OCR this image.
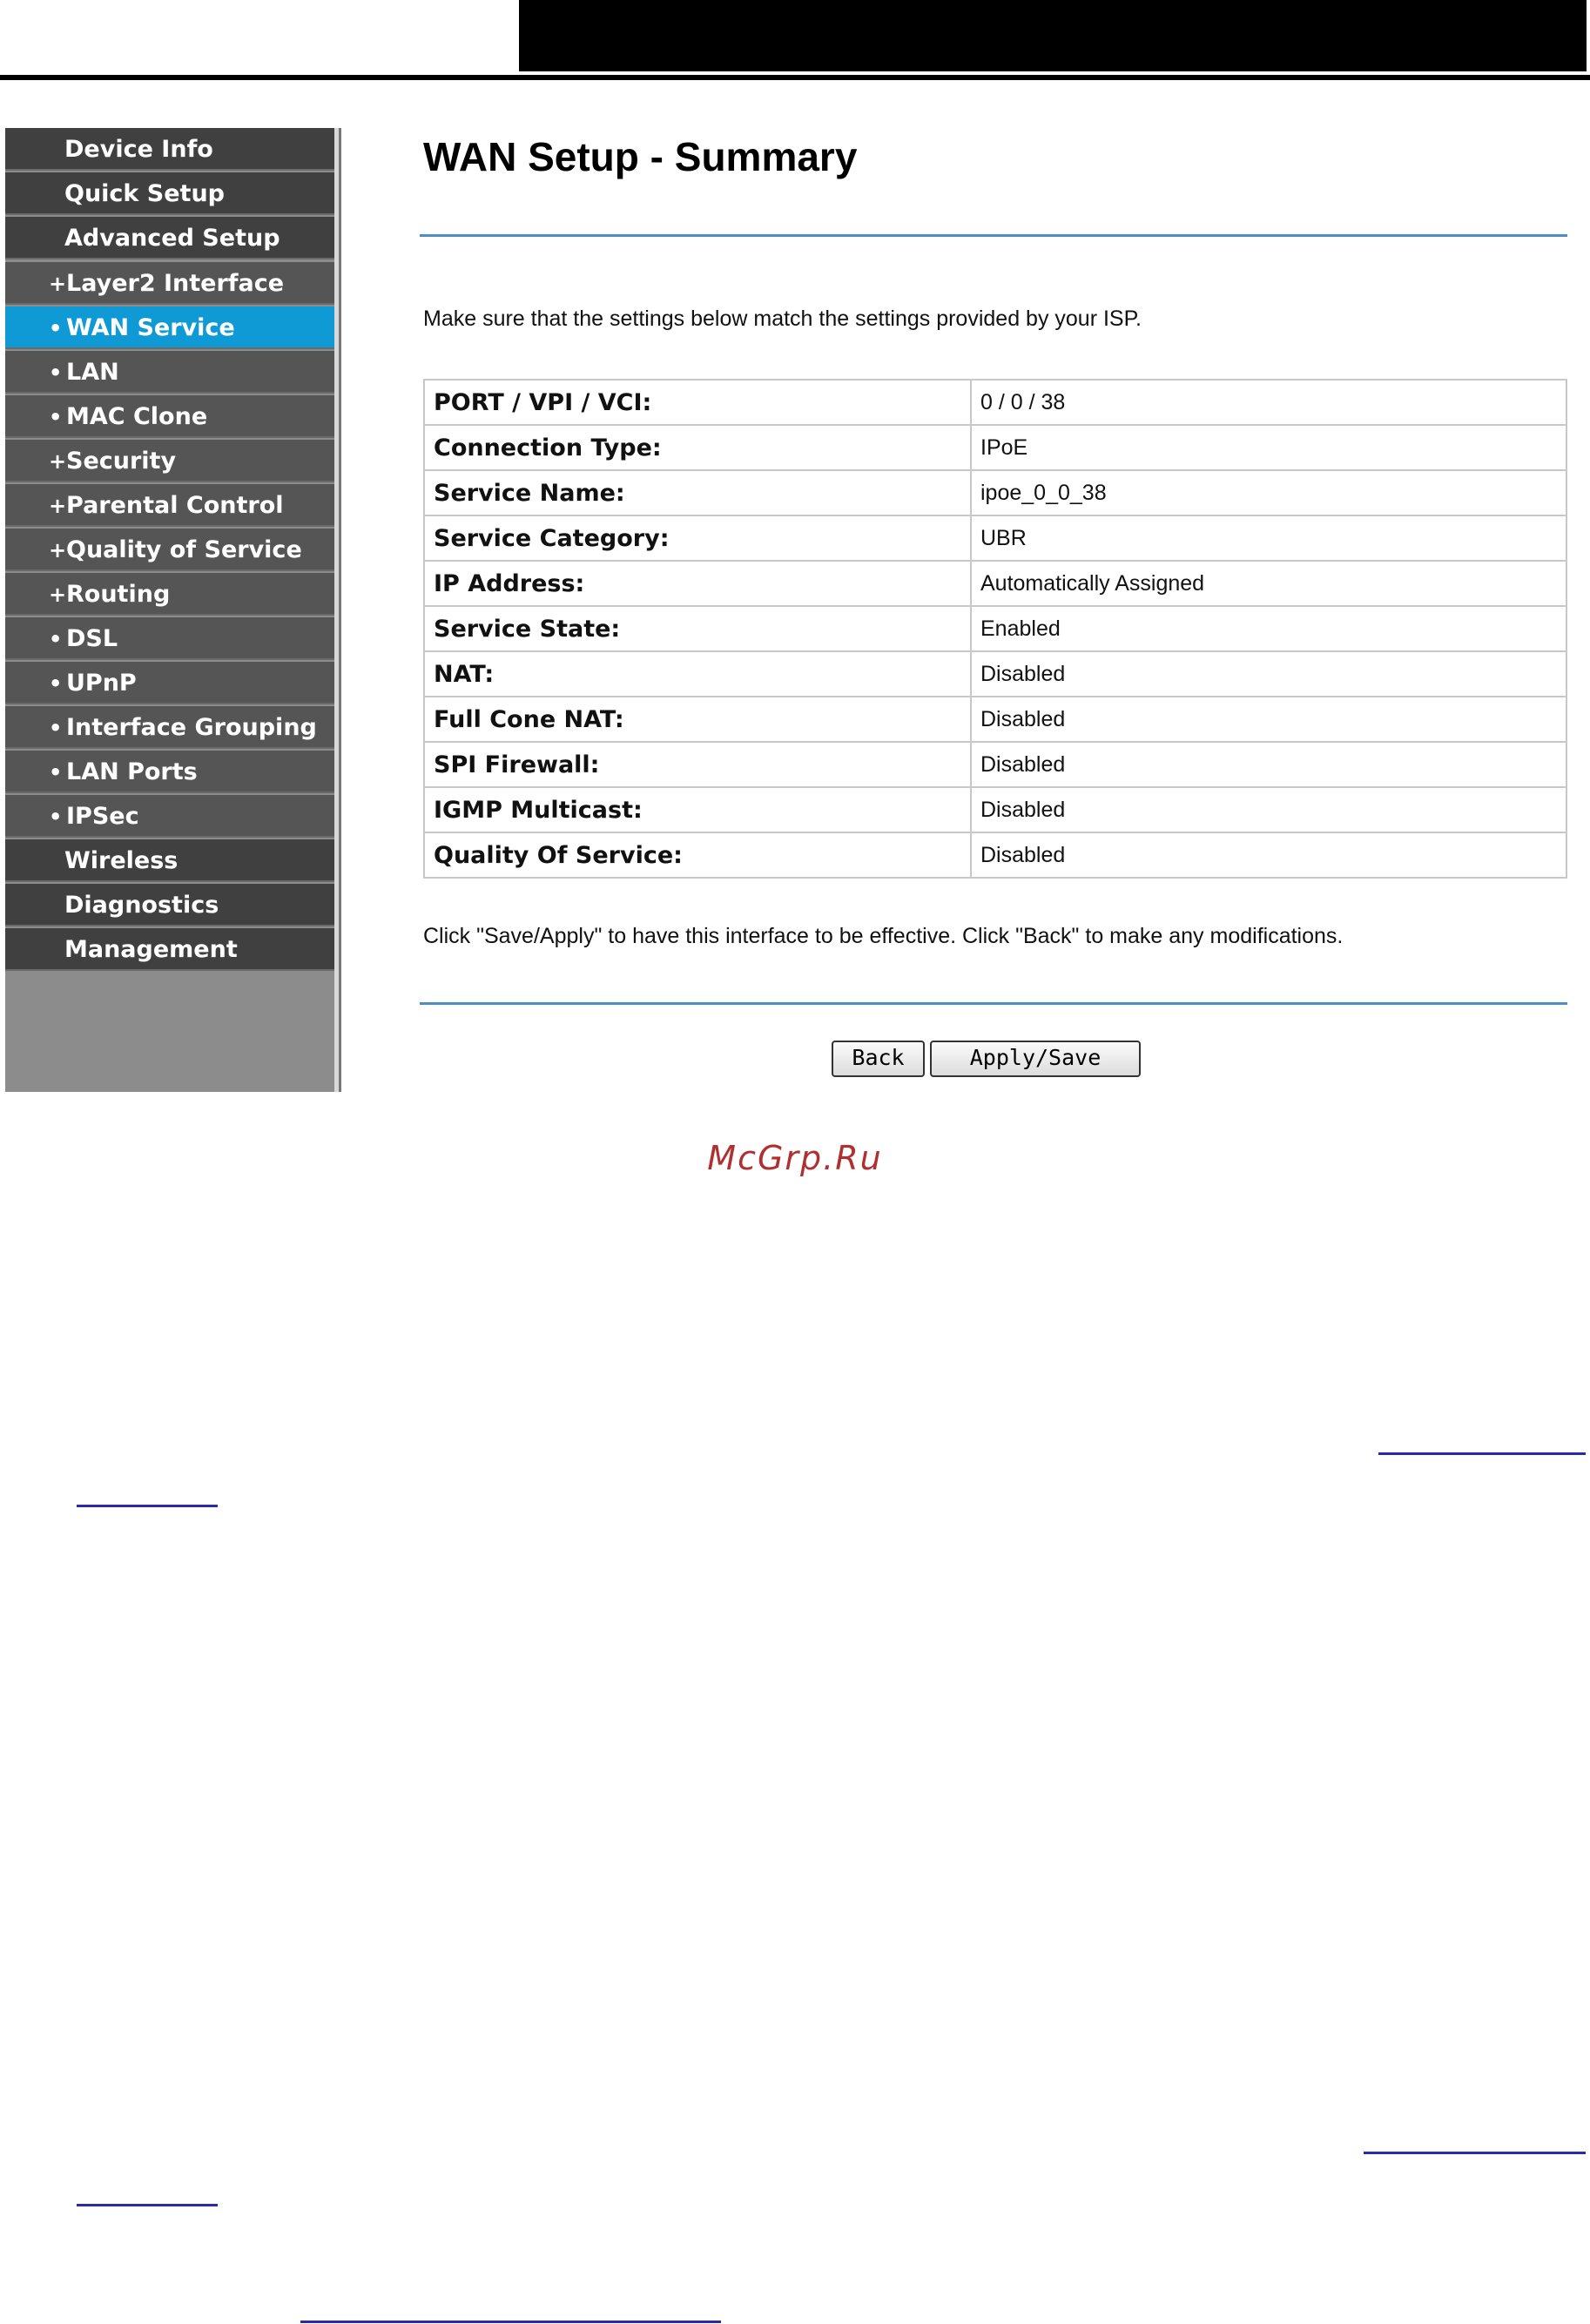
Device Info
Quick Setup
Advanced Setup
+Layer2 Interface
• WAN Service
• LAN
• MAC Clone
+Security
+Parental Control
+Quality of Service
+Routing
• DSL
• UPnP
• Interface Grouping
• LAN Ports
• IPSec
Wireless
Diagnostics
Management
WAN Setup - Summary
Make sure that the settings below match the settings provided by your ISP.
PORT / VPI / VCI:	0 / 0 / 38
Connection Type:	IPoE
Service Name:	ipoe_0_0_38
Service Category:	UBR
IP Address:	Automatically Assigned
Service State:	Enabled
NAT:	Disabled
Full Cone NAT:	Disabled
SPI Firewall:	Disabled
IGMP Multicast:	Disabled
Quality Of Service:	Disabled
Click "Save/Apply" to have this interface to be effective. Click "Back" to make any modifications.
Back	Apply/Save
McGrp.Ru
